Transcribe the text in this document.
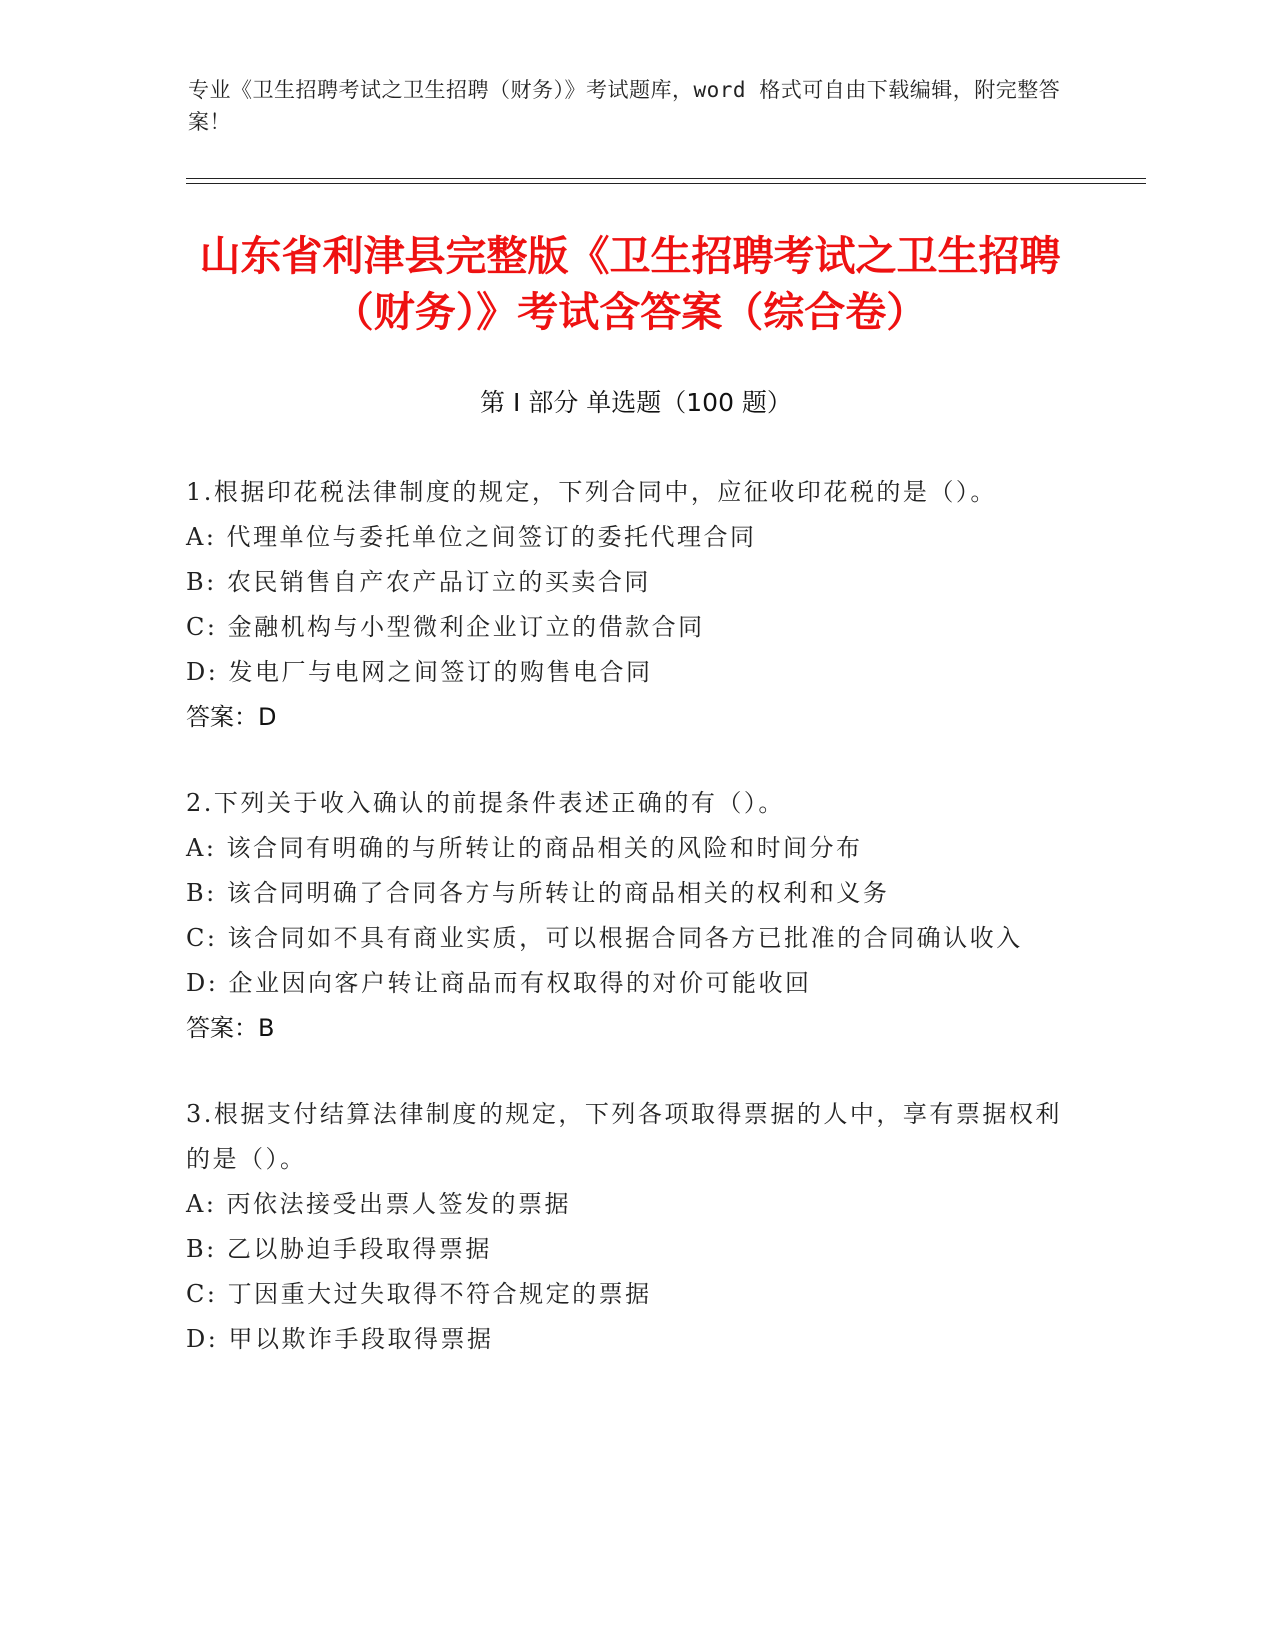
专业《卫生招聘考试之卫生招聘（财务）》考试题库，word 格式可自由下载编辑，附完整答案！
山东省利津县完整版《卫生招聘考试之卫生招聘（财务）》考试含答案（综合卷）
第 I 部分 单选题（100 题）

1.根据印花税法律制度的规定，下列合同中，应征收印花税的是（）。

A: 代理单位与委托单位之间签订的委托代理合同

B: 农民销售自产农产品订立的买卖合同

C: 金融机构与小型微利企业订立的借款合同

D: 发电厂与电网之间签订的购售电合同

答案：D

2.下列关于收入确认的前提条件表述正确的有（）。

A: 该合同有明确的与所转让的商品相关的风险和时间分布

B: 该合同明确了合同各方与所转让的商品相关的权利和义务

C: 该合同如不具有商业实质，可以根据合同各方已批准的合同确认收入

D: 企业因向客户转让商品而有权取得的对价可能收回

答案：B

3.根据支付结算法律制度的规定，下列各项取得票据的人中，享有票据权利的是（）。

A: 丙依法接受出票人签发的票据

B: 乙以胁迫手段取得票据

C: 丁因重大过失取得不符合规定的票据

D: 甲以欺诈手段取得票据
